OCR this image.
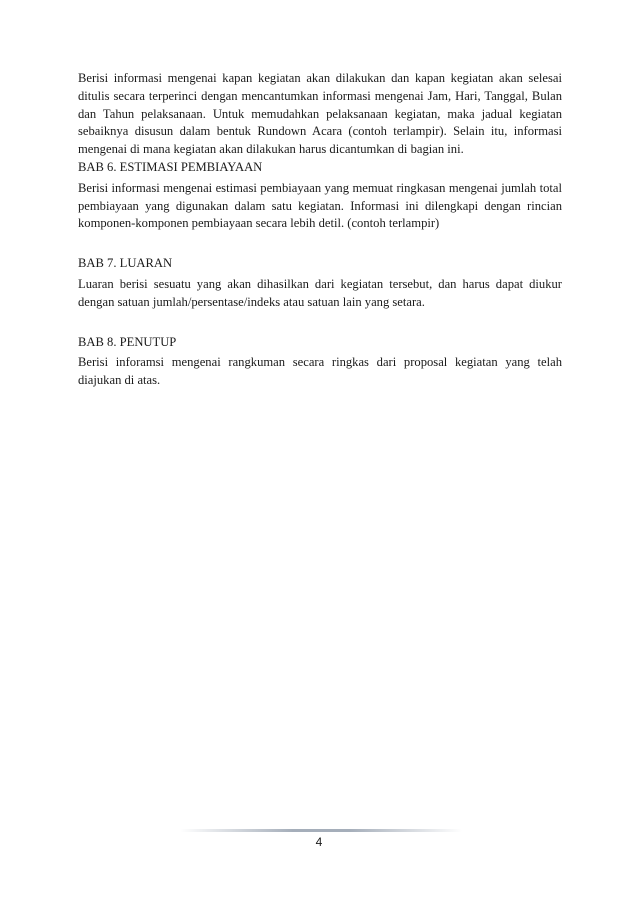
Berisi informasi mengenai kapan kegiatan akan dilakukan dan kapan kegiatan akan selesai ditulis secara terperinci dengan mencantumkan informasi mengenai Jam, Hari, Tanggal, Bulan dan Tahun pelaksanaan. Untuk memudahkan pelaksanaan kegiatan, maka jadual kegiatan sebaiknya disusun dalam bentuk Rundown Acara (contoh terlampir). Selain itu, informasi mengenai di mana kegiatan akan dilakukan harus dicantumkan di bagian ini.

BAB 6. ESTIMASI PEMBIAYAAN

Berisi informasi mengenai estimasi pembiayaan yang memuat ringkasan mengenai jumlah total pembiayaan yang digunakan dalam satu kegiatan. Informasi ini dilengkapi dengan rincian komponen-komponen pembiayaan secara lebih detil. (contoh terlampir)

BAB 7. LUARAN

Luaran berisi sesuatu yang akan dihasilkan dari kegiatan tersebut, dan harus dapat diukur dengan satuan jumlah/persentase/indeks atau satuan lain yang setara.

BAB 8. PENUTUP

Berisi inforamsi mengenai rangkuman secara ringkas dari proposal kegiatan yang telah diajukan di atas.

4
